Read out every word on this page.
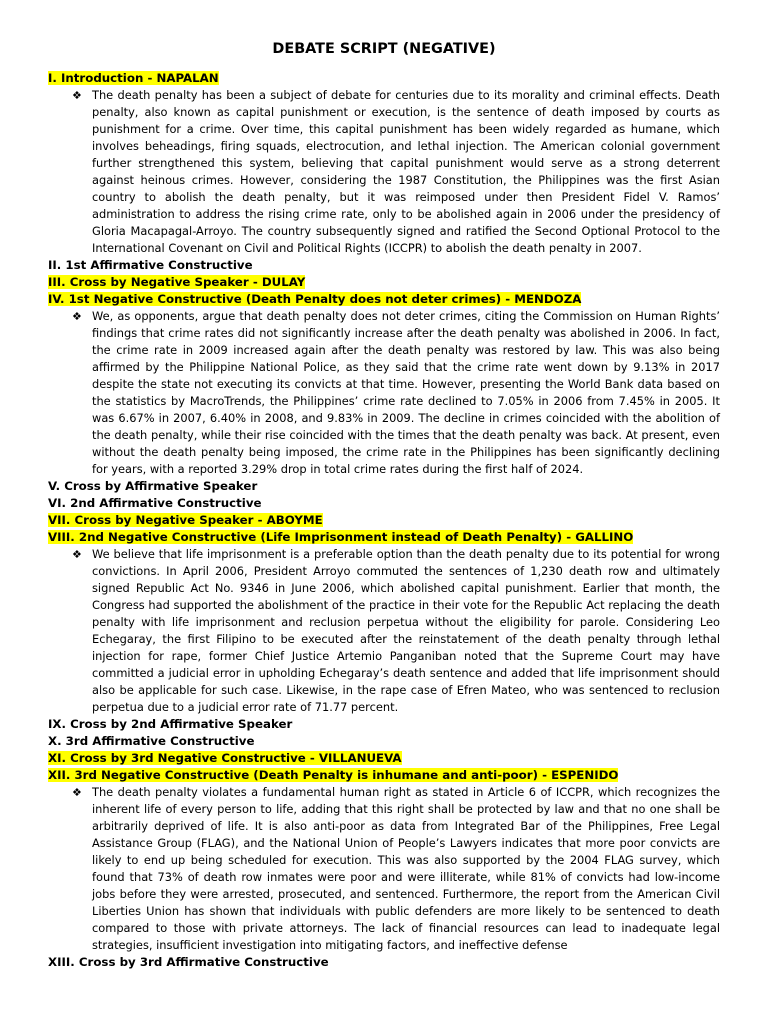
DEBATE SCRIPT (NEGATIVE)
I. Introduction - NAPALAN
❖ The death penalty has been a subject of debate for centuries due to its morality and criminal effects. Death penalty, also known as capital punishment or execution, is the sentence of death imposed by courts as punishment for a crime. Over time, this capital punishment has been widely regarded as humane, which involves beheadings, firing squads, electrocution, and lethal injection. The American colonial government further strengthened this system, believing that capital punishment would serve as a strong deterrent against heinous crimes. However, considering the 1987 Constitution, the Philippines was the first Asian country to abolish the death penalty, but it was reimposed under then President Fidel V. Ramos’ administration to address the rising crime rate, only to be abolished again in 2006 under the presidency of Gloria Macapagal-Arroyo. The country subsequently signed and ratified the Second Optional Protocol to the International Covenant on Civil and Political Rights (ICCPR) to abolish the death penalty in 2007.
II. 1st Affirmative Constructive
III. Cross by Negative Speaker - DULAY
IV. 1st Negative Constructive (Death Penalty does not deter crimes) - MENDOZA
❖ We, as opponents, argue that death penalty does not deter crimes, citing the Commission on Human Rights’ findings that crime rates did not significantly increase after the death penalty was abolished in 2006. In fact, the crime rate in 2009 increased again after the death penalty was restored by law. This was also being affirmed by the Philippine National Police, as they said that the crime rate went down by 9.13% in 2017 despite the state not executing its convicts at that time. However, presenting the World Bank data based on the statistics by MacroTrends, the Philippines’ crime rate declined to 7.05% in 2006 from 7.45% in 2005. It was 6.67% in 2007, 6.40% in 2008, and 9.83% in 2009. The decline in crimes coincided with the abolition of the death penalty, while their rise coincided with the times that the death penalty was back. At present, even without the death penalty being imposed, the crime rate in the Philippines has been significantly declining for years, with a reported 3.29% drop in total crime rates during the first half of 2024.
V. Cross by Affirmative Speaker
VI. 2nd Affirmative Constructive
VII. Cross by Negative Speaker - ABOYME
VIII. 2nd Negative Constructive (Life Imprisonment instead of Death Penalty) - GALLINO
❖ We believe that life imprisonment is a preferable option than the death penalty due to its potential for wrong convictions. In April 2006, President Arroyo commuted the sentences of 1,230 death row and ultimately signed Republic Act No. 9346 in June 2006, which abolished capital punishment. Earlier that month, the Congress had supported the abolishment of the practice in their vote for the Republic Act replacing the death penalty with life imprisonment and reclusion perpetua without the eligibility for parole. Considering Leo Echegaray, the first Filipino to be executed after the reinstatement of the death penalty through lethal injection for rape, former Chief Justice Artemio Panganiban noted that the Supreme Court may have committed a judicial error in upholding Echegaray’s death sentence and added that life imprisonment should also be applicable for such case. Likewise, in the rape case of Efren Mateo, who was sentenced to reclusion perpetua due to a judicial error rate of 71.77 percent.
IX. Cross by 2nd Affirmative Speaker
X. 3rd Affirmative Constructive
XI. Cross by 3rd Negative Constructive - VILLANUEVA
XII. 3rd Negative Constructive (Death Penalty is inhumane and anti-poor) - ESPENIDO
❖ The death penalty violates a fundamental human right as stated in Article 6 of ICCPR, which recognizes the inherent life of every person to life, adding that this right shall be protected by law and that no one shall be arbitrarily deprived of life. It is also anti-poor as data from Integrated Bar of the Philippines, Free Legal Assistance Group (FLAG), and the National Union of People’s Lawyers indicates that more poor convicts are likely to end up being scheduled for execution. This was also supported by the 2004 FLAG survey, which found that 73% of death row inmates were poor and were illiterate, while 81% of convicts had low-income jobs before they were arrested, prosecuted, and sentenced. Furthermore, the report from the American Civil Liberties Union has shown that individuals with public defenders are more likely to be sentenced to death compared to those with private attorneys. The lack of financial resources can lead to inadequate legal strategies, insufficient investigation into mitigating factors, and ineffective defense
XIII. Cross by 3rd Affirmative Constructive
